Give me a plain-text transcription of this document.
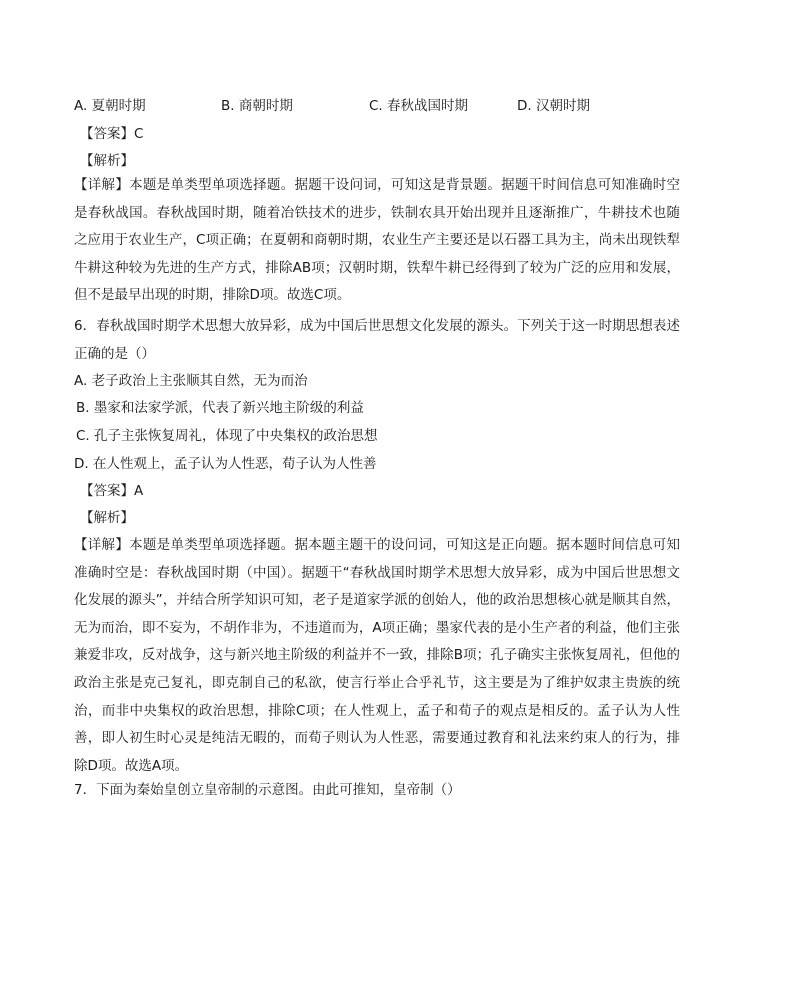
A. 夏朝时期	B. 商朝时期	C. 春秋战国时期	D. 汉朝时期
【答案】C
【解析】
【详解】本题是单类型单项选择题。据题干设问词，可知这是背景题。据题干时间信息可知准确时空是春秋战国。春秋战国时期，随着冶铁技术的进步，铁制农具开始出现并且逐渐推广，牛耕技术也随之应用于农业生产，C项正确；在夏朝和商朝时期，农业生产主要还是以石器工具为主，尚未出现铁犁牛耕这种较为先进的生产方式，排除AB项；汉朝时期，铁犁牛耕已经得到了较为广泛的应用和发展，但不是最早出现的时期，排除D项。故选C项。
6．春秋战国时期学术思想大放异彩，成为中国后世思想文化发展的源头。下列关于这一时期思想表述正确的是（）
A. 老子政治上主张顺其自然，无为而治
B. 墨家和法家学派，代表了新兴地主阶级的利益
C. 孔子主张恢复周礼，体现了中央集权的政治思想
D. 在人性观上，孟子认为人性恶，荀子认为人性善
【答案】A
【解析】
【详解】本题是单类型单项选择题。据本题主题干的设问词，可知这是正向题。据本题时间信息可知准确时空是：春秋战国时期（中国）。据题干“春秋战国时期学术思想大放异彩，成为中国后世思想文化发展的源头”，并结合所学知识可知，老子是道家学派的创始人，他的政治思想核心就是顺其自然，无为而治，即不妄为，不胡作非为，不违道而为，A项正确；墨家代表的是小生产者的利益，他们主张兼爱非攻，反对战争，这与新兴地主阶级的利益并不一致，排除B项；孔子确实主张恢复周礼，但他的政治主张是克己复礼，即克制自己的私欲，使言行举止合乎礼节，这主要是为了维护奴隶主贵族的统治，而非中央集权的政治思想，排除C项；在人性观上，孟子和荀子的观点是相反的。孟子认为人性善，即人初生时心灵是纯洁无暇的，而荀子则认为人性恶，需要通过教育和礼法来约束人的行为，排除D项。故选A项。
7．下面为秦始皇创立皇帝制的示意图。由此可推知，皇帝制（）
